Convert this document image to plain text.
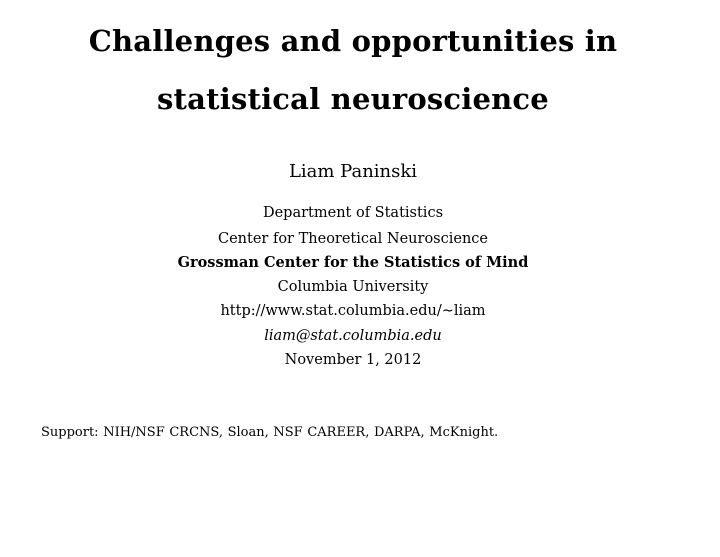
Challenges and opportunities in
statistical neuroscience
Liam Paninski
Department of Statistics
Center for Theoretical Neuroscience
Grossman Center for the Statistics of Mind
Columbia University
http://www.stat.columbia.edu/∼liam
liam@stat.columbia.edu
November 1, 2012
Support: NIH/NSF CRCNS, Sloan, NSF CAREER, DARPA, McKnight.
